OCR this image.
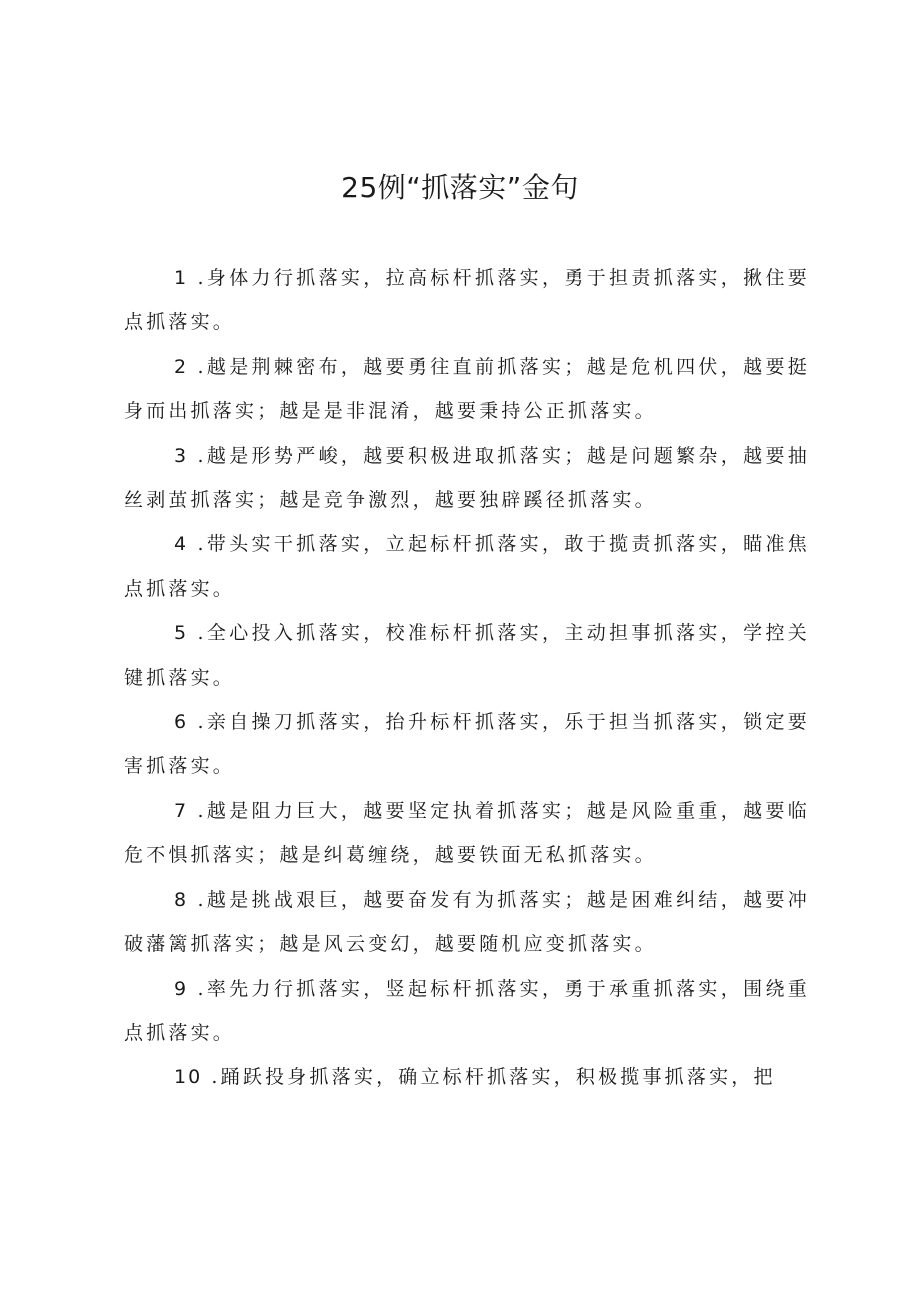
25例“抓落实”金句

1 .身体力行抓落实，拉高标杆抓落实，勇于担责抓落实，揪住要点抓落实。

2 .越是荆棘密布，越要勇往直前抓落实；越是危机四伏，越要挺身而出抓落实；越是是非混淆，越要秉持公正抓落实。

3 .越是形势严峻，越要积极进取抓落实；越是问题繁杂，越要抽丝剥茧抓落实；越是竞争激烈，越要独辟蹊径抓落实。

4 .带头实干抓落实，立起标杆抓落实，敢于揽责抓落实，瞄准焦点抓落实。

5 .全心投入抓落实，校准标杆抓落实，主动担事抓落实，学控关键抓落实。

6 .亲自操刀抓落实，抬升标杆抓落实，乐于担当抓落实，锁定要害抓落实。

7 .越是阻力巨大，越要坚定执着抓落实；越是风险重重，越要临危不惧抓落实；越是纠葛缠绕，越要铁面无私抓落实。

8 .越是挑战艰巨，越要奋发有为抓落实；越是困难纠结，越要冲破藩篱抓落实；越是风云变幻，越要随机应变抓落实。

9 .率先力行抓落实，竖起标杆抓落实，勇于承重抓落实，围绕重点抓落实。

10 .踊跃投身抓落实，确立标杆抓落实，积极揽事抓落实，把
